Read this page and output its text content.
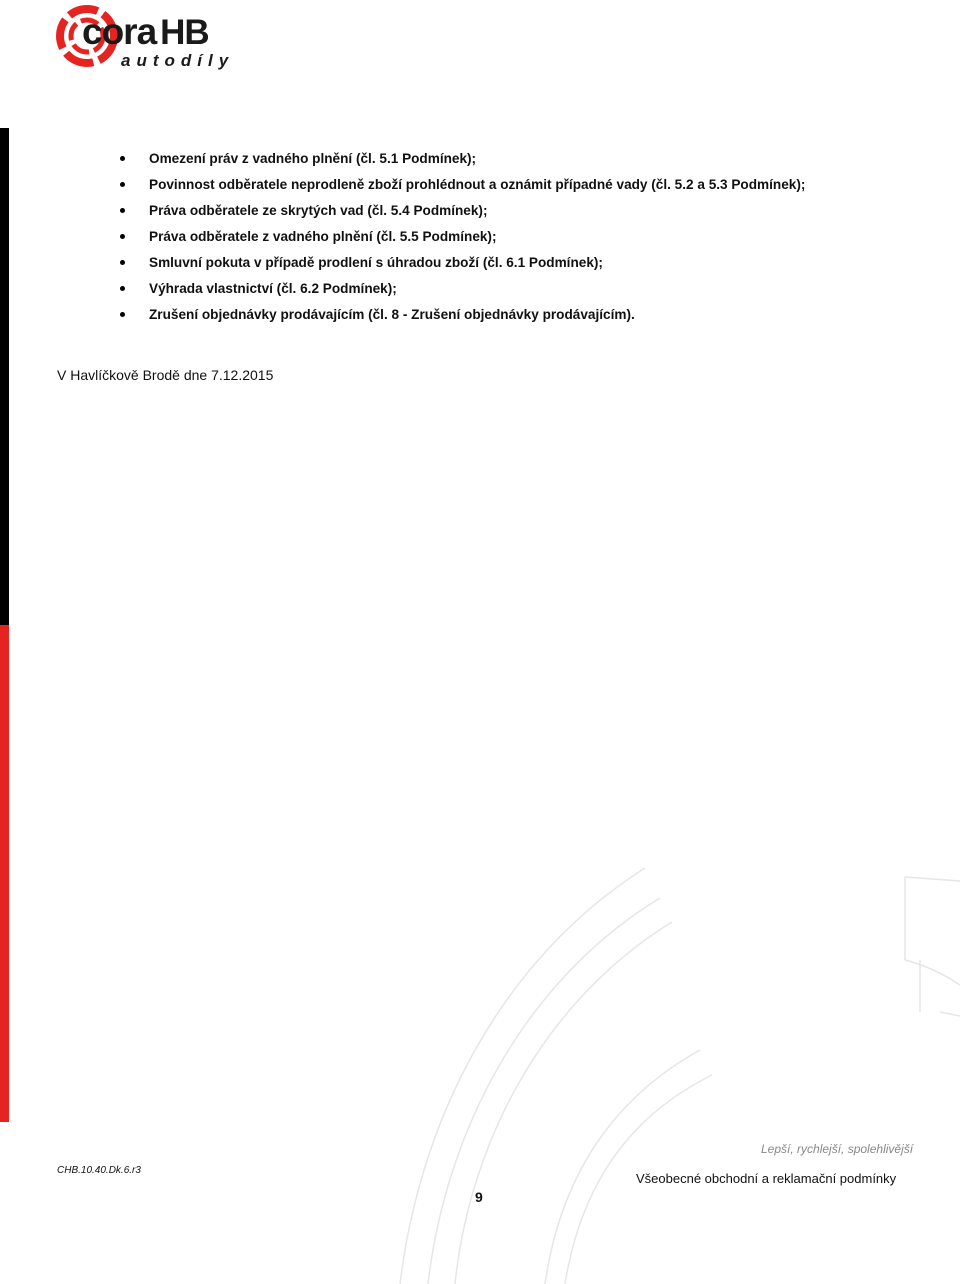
cora HB
autodíly
Omezení práv z vadného plnění (čl. 5.1 Podmínek);
Povinnost odběratele neprodleně zboží prohlédnout a oznámit případné vady (čl. 5.2 a 5.3 Podmínek);
Práva odběratele ze skrytých vad (čl. 5.4 Podmínek);
Práva odběratele z vadného plnění (čl. 5.5 Podmínek);
Smluvní pokuta v případě prodlení s úhradou zboží (čl. 6.1 Podmínek);
Výhrada vlastnictví (čl. 6.2 Podmínek);
Zrušení objednávky prodávajícím (čl. 8 - Zrušení objednávky prodávajícím).
V Havlíčkově Brodě dne 7.12.2015
Lepší, rychlejší, spolehlivější
CHB.10.40.Dk.6.r3
9
Všeobecné obchodní a reklamační podmínky
